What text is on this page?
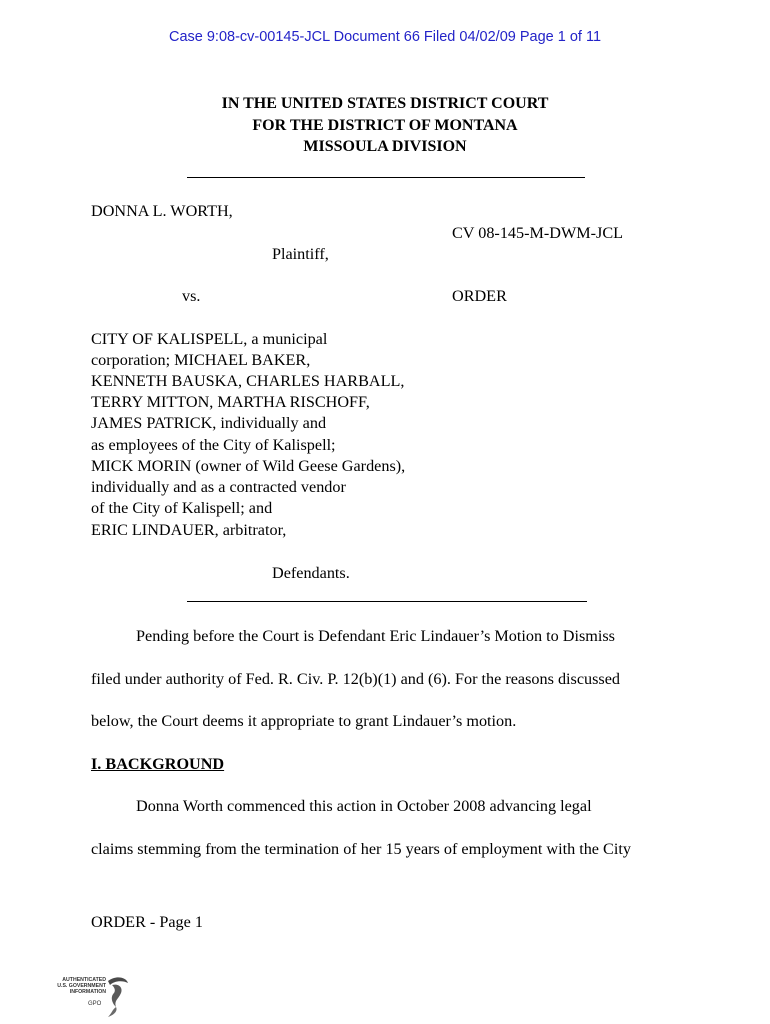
Case 9:08-cv-00145-JCL Document 66 Filed 04/02/09 Page 1 of 11
IN THE UNITED STATES DISTRICT COURT
FOR THE DISTRICT OF MONTANA
MISSOULA DIVISION
DONNA L. WORTH,
CV 08-145-M-DWM-JCL
Plaintiff,
vs.	ORDER
CITY OF KALISPELL, a municipal
corporation; MICHAEL BAKER,
KENNETH BAUSKA, CHARLES HARBALL,
TERRY MITTON, MARTHA RISCHOFF,
JAMES PATRICK, individually and
as employees of the City of Kalispell;
MICK MORIN (owner of Wild Geese Gardens),
individually and as a contracted vendor
of the City of Kalispell; and
ERIC LINDAUER, arbitrator,
Defendants.
Pending before the Court is Defendant Eric Lindauer’s Motion to Dismiss
filed under authority of Fed. R. Civ. P. 12(b)(1) and (6). For the reasons discussed
below, the Court deems it appropriate to grant Lindauer’s motion.
I. BACKGROUND
Donna Worth commenced this action in October 2008 advancing legal
claims stemming from the termination of her 15 years of employment with the City
ORDER - Page 1
AUTHENTICATED
U.S. GOVERNMENT
INFORMATION
GPO
